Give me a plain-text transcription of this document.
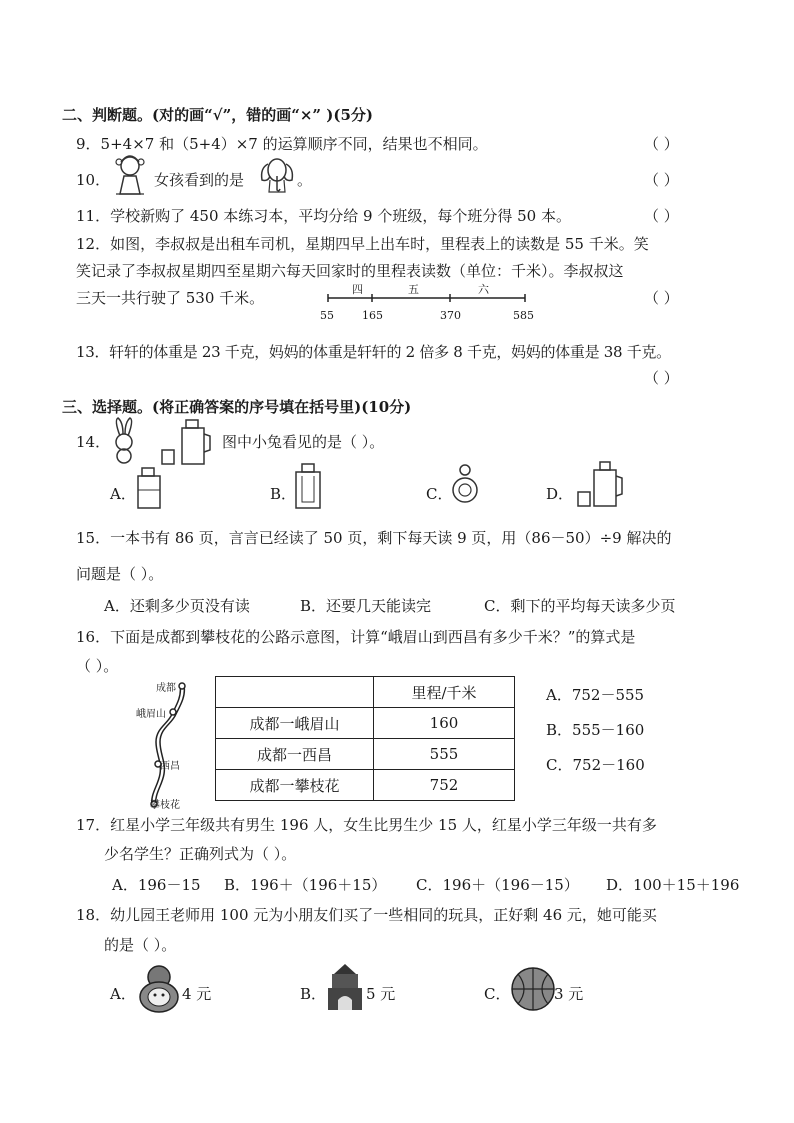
二、判断题。(对的画“√”，错的画“×” )(5分)
9．5+4×7 和（5+4）×7 的运算顺序不同，结果也不相同。	（ ）
10．	女孩看到的是	。	（ ）
11．学校新购了 450 本练习本，平均分给 9 个班级，每个班分得 50 本。	（ ）
12．如图，李叔叔是出租车司机，星期四早上出车时，里程表上的读数是 55 千米。笑
笑记录了李叔叔星期四至星期六每天回家时的里程表读数（单位：千米）。李叔叔这
三天一共行驶了 530 千米。	四	五	六
55	165	370	585
（ ）
13．轩轩的体重是 23 千克，妈妈的体重是轩轩的 2 倍多 8 千克，妈妈的体重是 38 千克。
（ ）
三、选择题。(将正确答案的序号填在括号里)(10分)
14．	图中小兔看见的是（ ）。
A．	B．	C．	D．
15．一本书有 86 页，言言已经读了 50 页，剩下每天读 9 页，用（86－50）÷9 解决的
问题是（ ）。
A．还剩多少页没有读	B．还要几天能读完	C．剩下的平均每天读多少页
16．下面是成都到攀枝花的公路示意图，计算“峨眉山到西昌有多少千米？”的算式是
（ ）。
成都
峨眉山
西昌
攀枝花
	里程/千米
成都一峨眉山	160
成都一西昌	555
成都一攀枝花	752
A．752－555
B．555－160
C．752－160
17．红星小学三年级共有男生 196 人，女生比男生少 15 人，红星小学三年级一共有多
少名学生？正确列式为（ ）。
A．196－15 B．196＋（196＋15） C．196＋（196－15） D．100＋15＋196
18．幼儿园王老师用 100 元为小朋友们买了一些相同的玩具，正好剩 46 元，她可能买
的是（ ）。
A．	4 元	B．	5 元	C．	3 元
